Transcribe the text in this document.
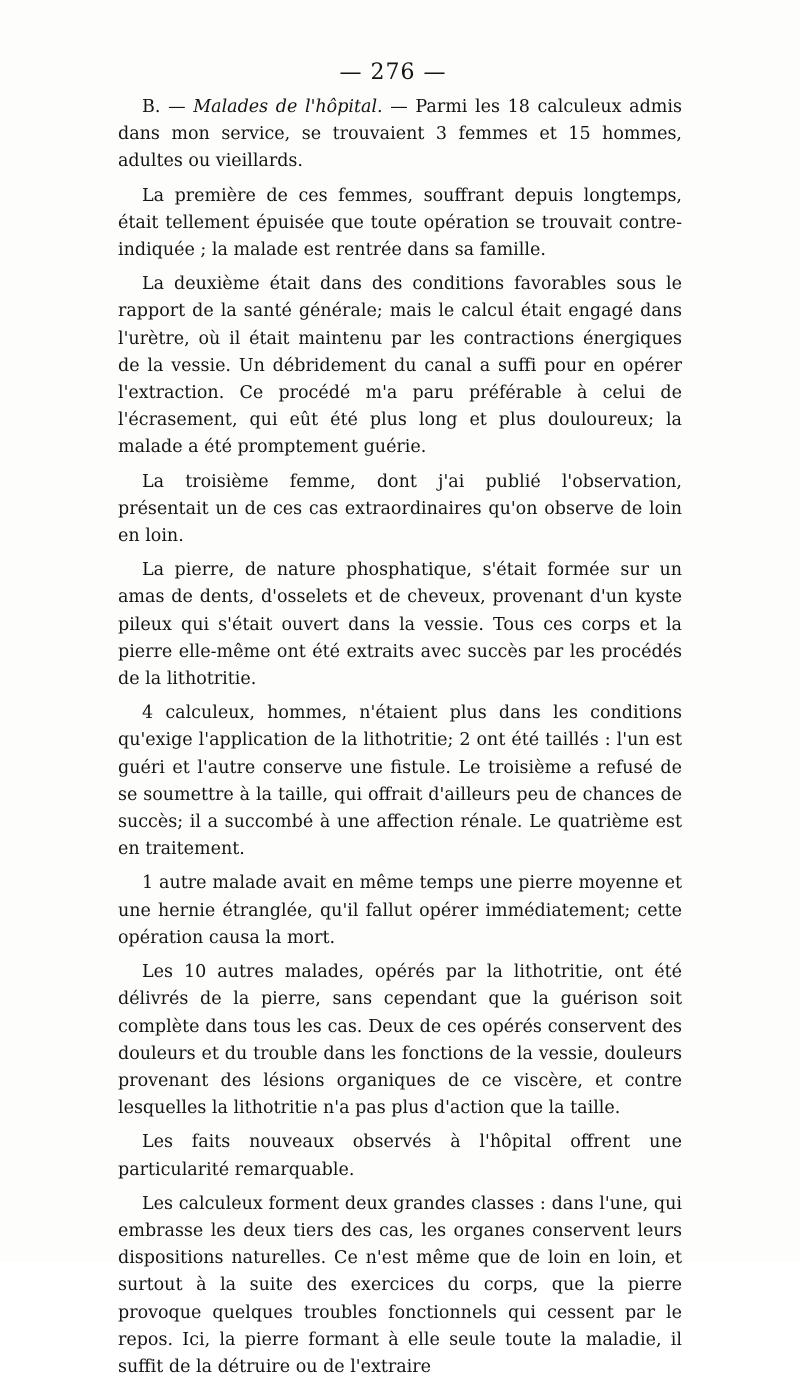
— 276 —

B. — Malades de l'hôpital. — Parmi les 18 calculeux admis dans mon service, se trouvaient 3 femmes et 15 hommes, adultes ou vieillards.

La première de ces femmes, souffrant depuis longtemps, était tellement épuisée que toute opération se trouvait contre-indiquée ; la malade est rentrée dans sa famille.

La deuxième était dans des conditions favorables sous le rapport de la santé générale; mais le calcul était engagé dans l'urètre, où il était maintenu par les contractions énergiques de la vessie. Un débridement du canal a suffi pour en opérer l'extraction. Ce procédé m'a paru préférable à celui de l'écrasement, qui eût été plus long et plus douloureux; la malade a été promptement guérie.

La troisième femme, dont j'ai publié l'observation, présentait un de ces cas extraordinaires qu'on observe de loin en loin.

La pierre, de nature phosphatique, s'était formée sur un amas de dents, d'osselets et de cheveux, provenant d'un kyste pileux qui s'était ouvert dans la vessie. Tous ces corps et la pierre elle-même ont été extraits avec succès par les procédés de la lithotritie.

4 calculeux, hommes, n'étaient plus dans les conditions qu'exige l'application de la lithotritie; 2 ont été taillés : l'un est guéri et l'autre conserve une fistule. Le troisième a refusé de se soumettre à la taille, qui offrait d'ailleurs peu de chances de succès; il a succombé à une affection rénale. Le quatrième est en traitement.

1 autre malade avait en même temps une pierre moyenne et une hernie étranglée, qu'il fallut opérer immédiatement; cette opération causa la mort.

Les 10 autres malades, opérés par la lithotritie, ont été délivrés de la pierre, sans cependant que la guérison soit complète dans tous les cas. Deux de ces opérés conservent des douleurs et du trouble dans les fonctions de la vessie, douleurs provenant des lésions organiques de ce viscère, et contre lesquelles la lithotritie n'a pas plus d'action que la taille.

Les faits nouveaux observés à l'hôpital offrent une particularité remarquable.

Les calculeux forment deux grandes classes : dans l'une, qui embrasse les deux tiers des cas, les organes conservent leurs dispositions naturelles. Ce n'est même que de loin en loin, et surtout à la suite des exercices du corps, que la pierre provoque quelques troubles fonctionnels qui cessent par le repos. Ici, la pierre formant à elle seule toute la maladie, il suffit de la détruire ou de l'extraire
